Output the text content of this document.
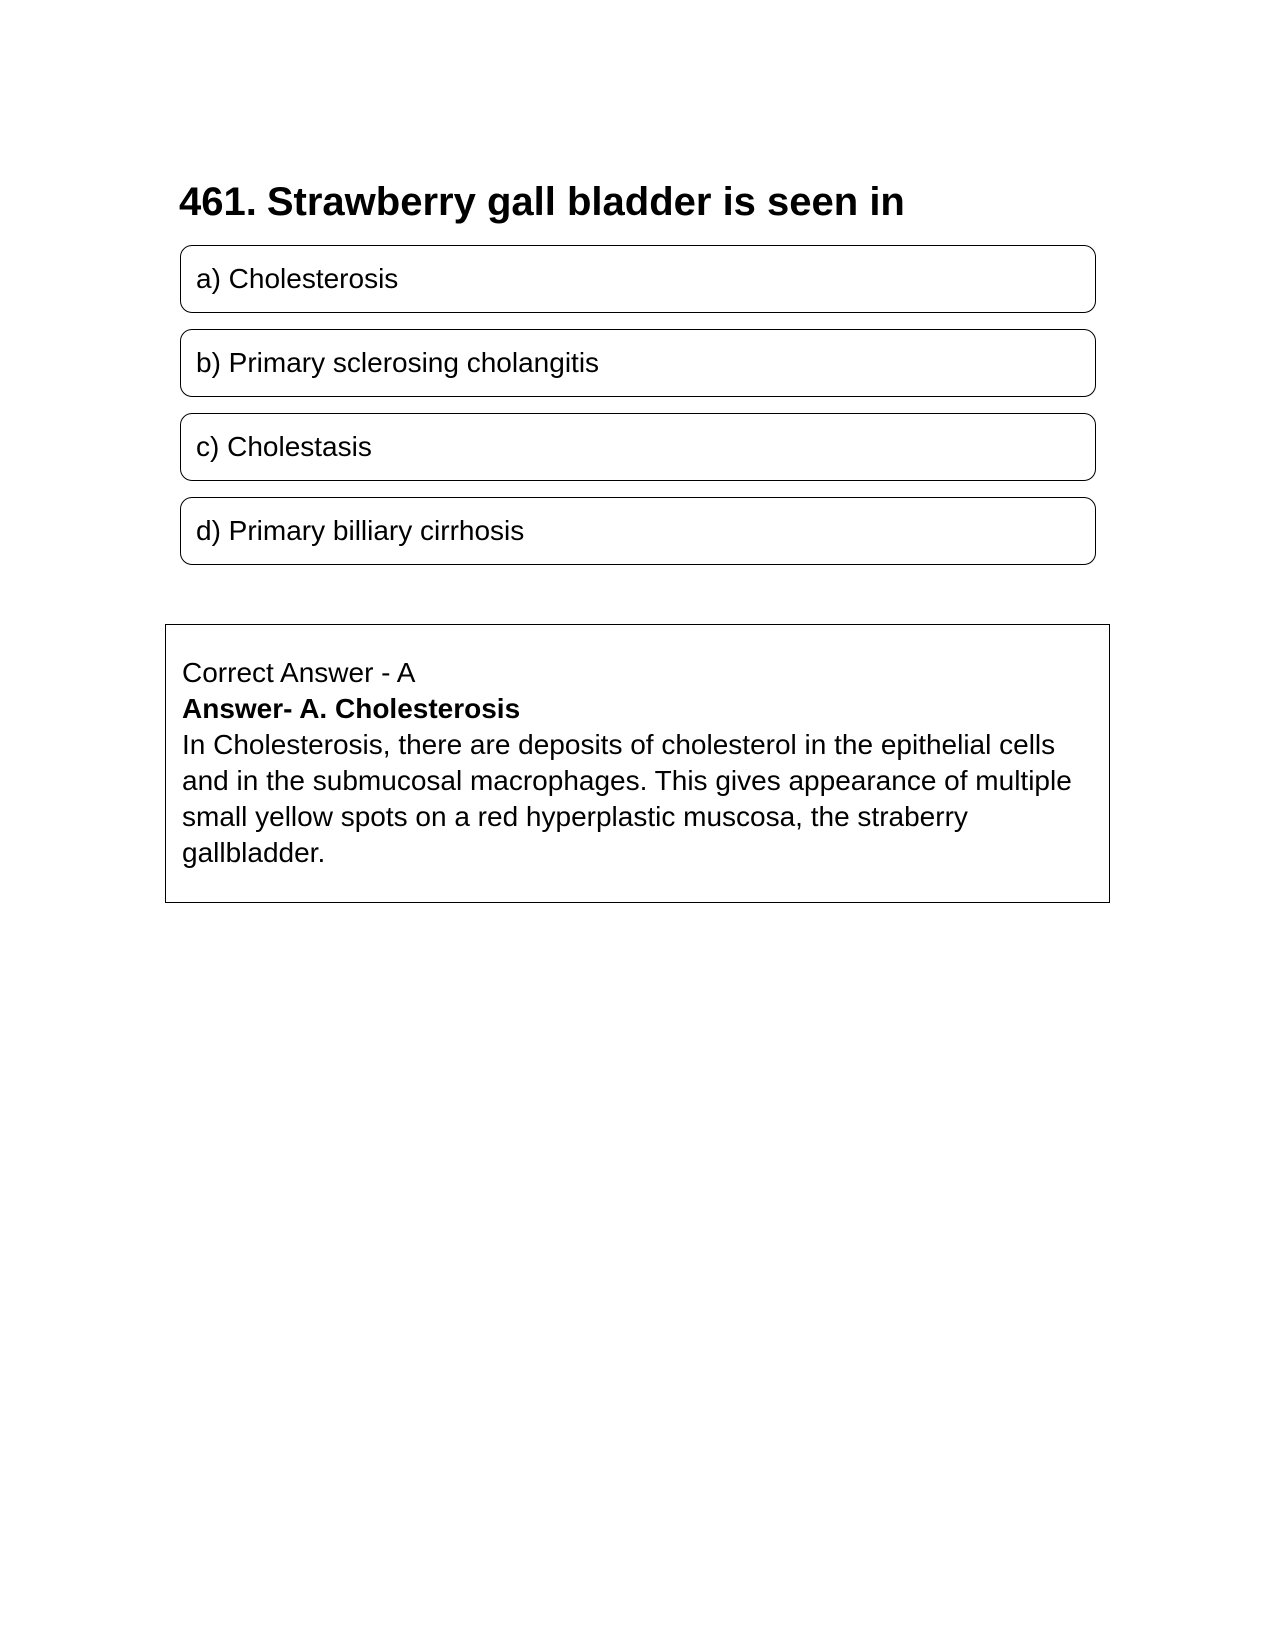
461. Strawberry gall bladder is seen in
a) Cholesterosis
b) Primary sclerosing cholangitis
c) Cholestasis
d) Primary billiary cirrhosis

Correct Answer - A

Answer- A. Cholesterosis

In Cholesterosis, there are deposits of cholesterol in the epithelial cells and in the submucosal macrophages. This gives appearance of multiple small yellow spots on a red hyperplastic muscosa, the straberry gallbladder.
